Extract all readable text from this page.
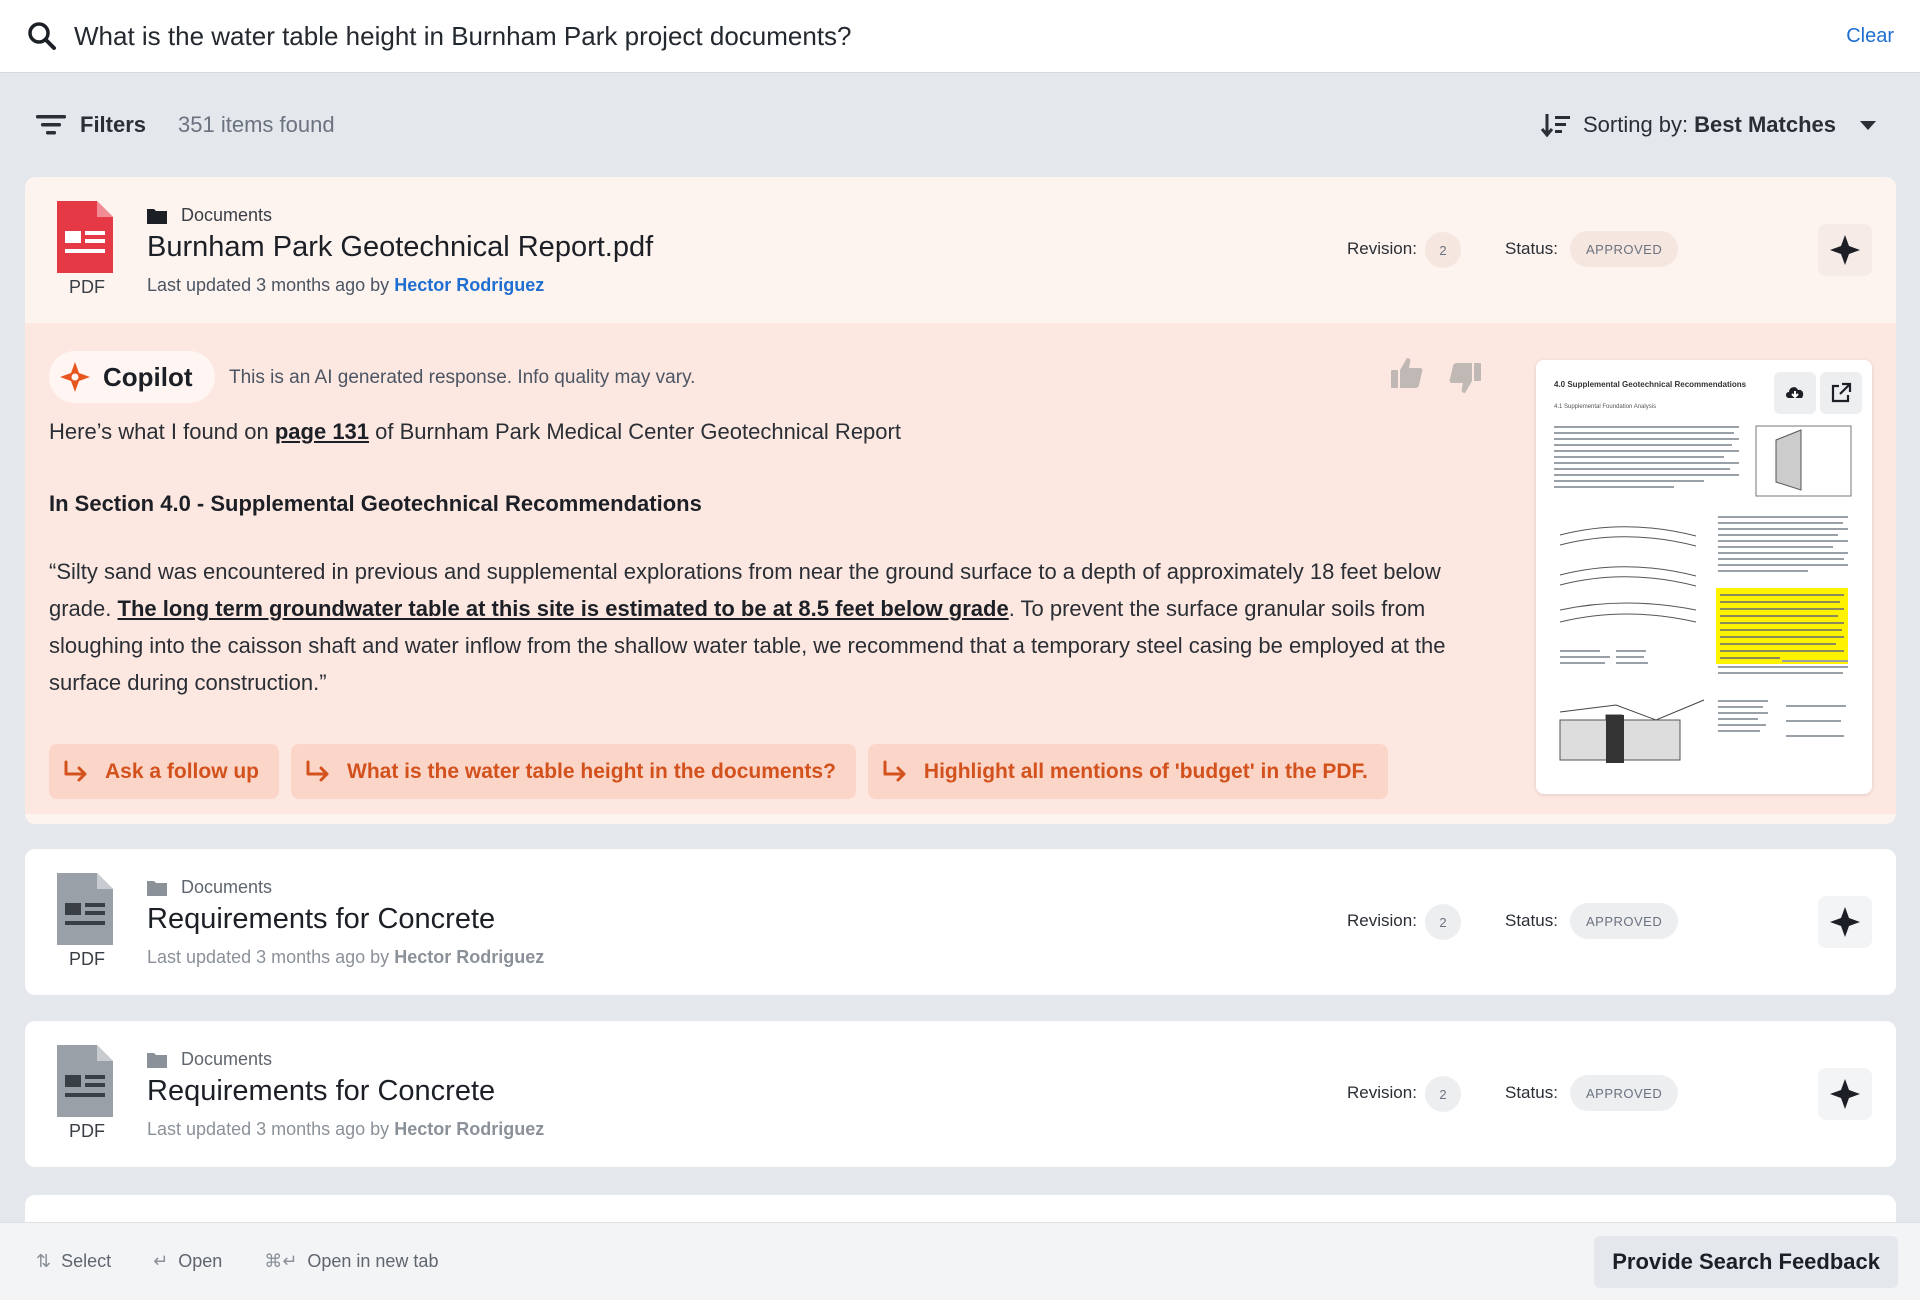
What is the water table height in Burnham Park project documents?	Clear
Filters 351 items found	Sorting by: Best Matches
PDF
Documents
Burnham Park Geotechnical Report.pdf
Last updated 3 months ago by Hector Rodriguez
Revision:	2	Status:	APPROVED
Copilot This is an AI generated response. Info quality may vary.
Here’s what I found on page 131 of Burnham Park Medical Center Geotechnical Report
In Section 4.0 - Supplemental Geotechnical Recommendations
“Silty sand was encountered in previous and supplemental explorations from near the ground surface to a depth of approximately 18 feet below grade. The long term groundwater table at this site is estimated to be at 8.5 feet below grade. To prevent the surface granular soils from sloughing into the caisson shaft and water inflow from the shallow water table, we recommend that a temporary steel casing be employed at the surface during construction.”
4.0 Supplemental Geotechnical Recommendations
4.1 Supplemental Foundation Analysis
Ask a follow up	What is the water table height in the documents?	Highlight all mentions of 'budget' in the PDF.
PDF
Documents
Requirements for Concrete
Last updated 3 months ago by Hector Rodriguez
Revision:	2	Status:	APPROVED
PDF
Documents
Requirements for Concrete
Last updated 3 months ago by Hector Rodriguez
Revision:	2	Status:	APPROVED
⇅ Select ↵ Open ⌘↵ Open in new tab	Provide Search Feedback
